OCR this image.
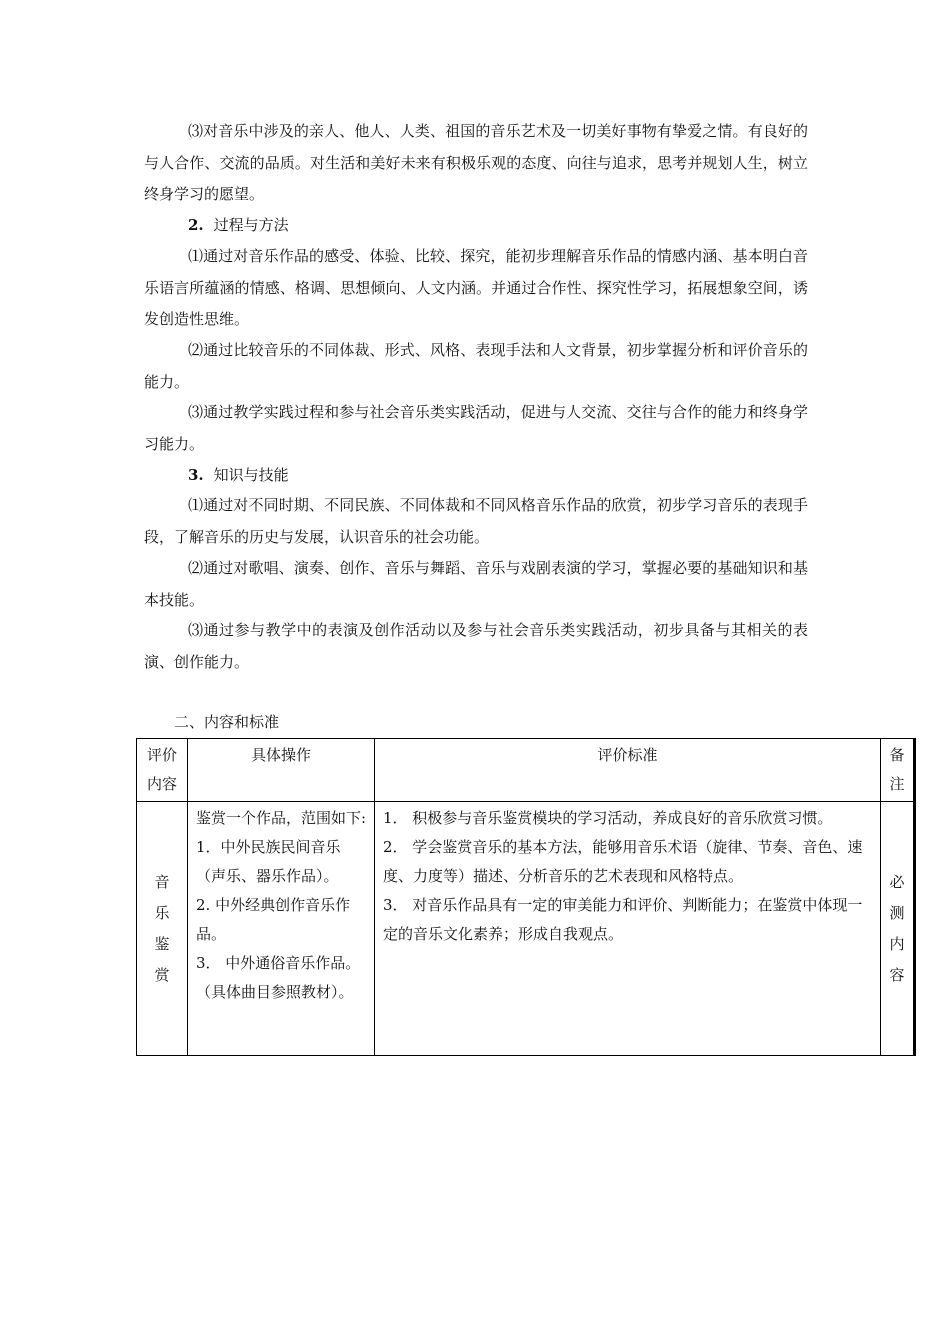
⑶对音乐中涉及的亲人、他人、人类、祖国的音乐艺术及一切美好事物有挚爱之情。有良好的与人合作、交流的品质。对生活和美好未来有积极乐观的态度、向往与追求，思考并规划人生，树立终身学习的愿望。

2. 过程与方法

⑴通过对音乐作品的感受、体验、比较、探究，能初步理解音乐作品的情感内涵、基本明白音乐语言所蕴涵的情感、格调、思想倾向、人文内涵。并通过合作性、探究性学习，拓展想象空间，诱发创造性思维。

⑵通过比较音乐的不同体裁、形式、风格、表现手法和人文背景，初步掌握分析和评价音乐的能力。

⑶通过教学实践过程和参与社会音乐类实践活动，促进与人交流、交往与合作的能力和终身学习能力。

3. 知识与技能

⑴通过对不同时期、不同民族、不同体裁和不同风格音乐作品的欣赏，初步学习音乐的表现手段，了解音乐的历史与发展，认识音乐的社会功能。

⑵通过对歌唱、演奏、创作、音乐与舞蹈、音乐与戏剧表演的学习，掌握必要的基础知识和基本技能。

⑶通过参与教学中的表演及创作活动以及参与社会音乐类实践活动，初步具备与其相关的表演、创作能力。

二、内容和标准

评价
内容	具体操作	评价标准	备
注

音
乐
鉴
赏	鉴赏一个作品，范围如下:
1．中外民族民间音乐（声乐、器乐作品）。
2. 中外经典创作音乐作品。
3． 中外通俗音乐作品。（具体曲目参照教材）。	1． 积极参与音乐鉴赏模块的学习活动，养成良好的音乐欣赏习惯。
2． 学会鉴赏音乐的基本方法，能够用音乐术语（旋律、节奏、音色、速度、力度等）描述、分析音乐的艺术表现和风格特点。
3． 对音乐作品具有一定的审美能力和评价、判断能力；在鉴赏中体现一定的音乐文化素养；形成自我观点。	必
测
内
容
